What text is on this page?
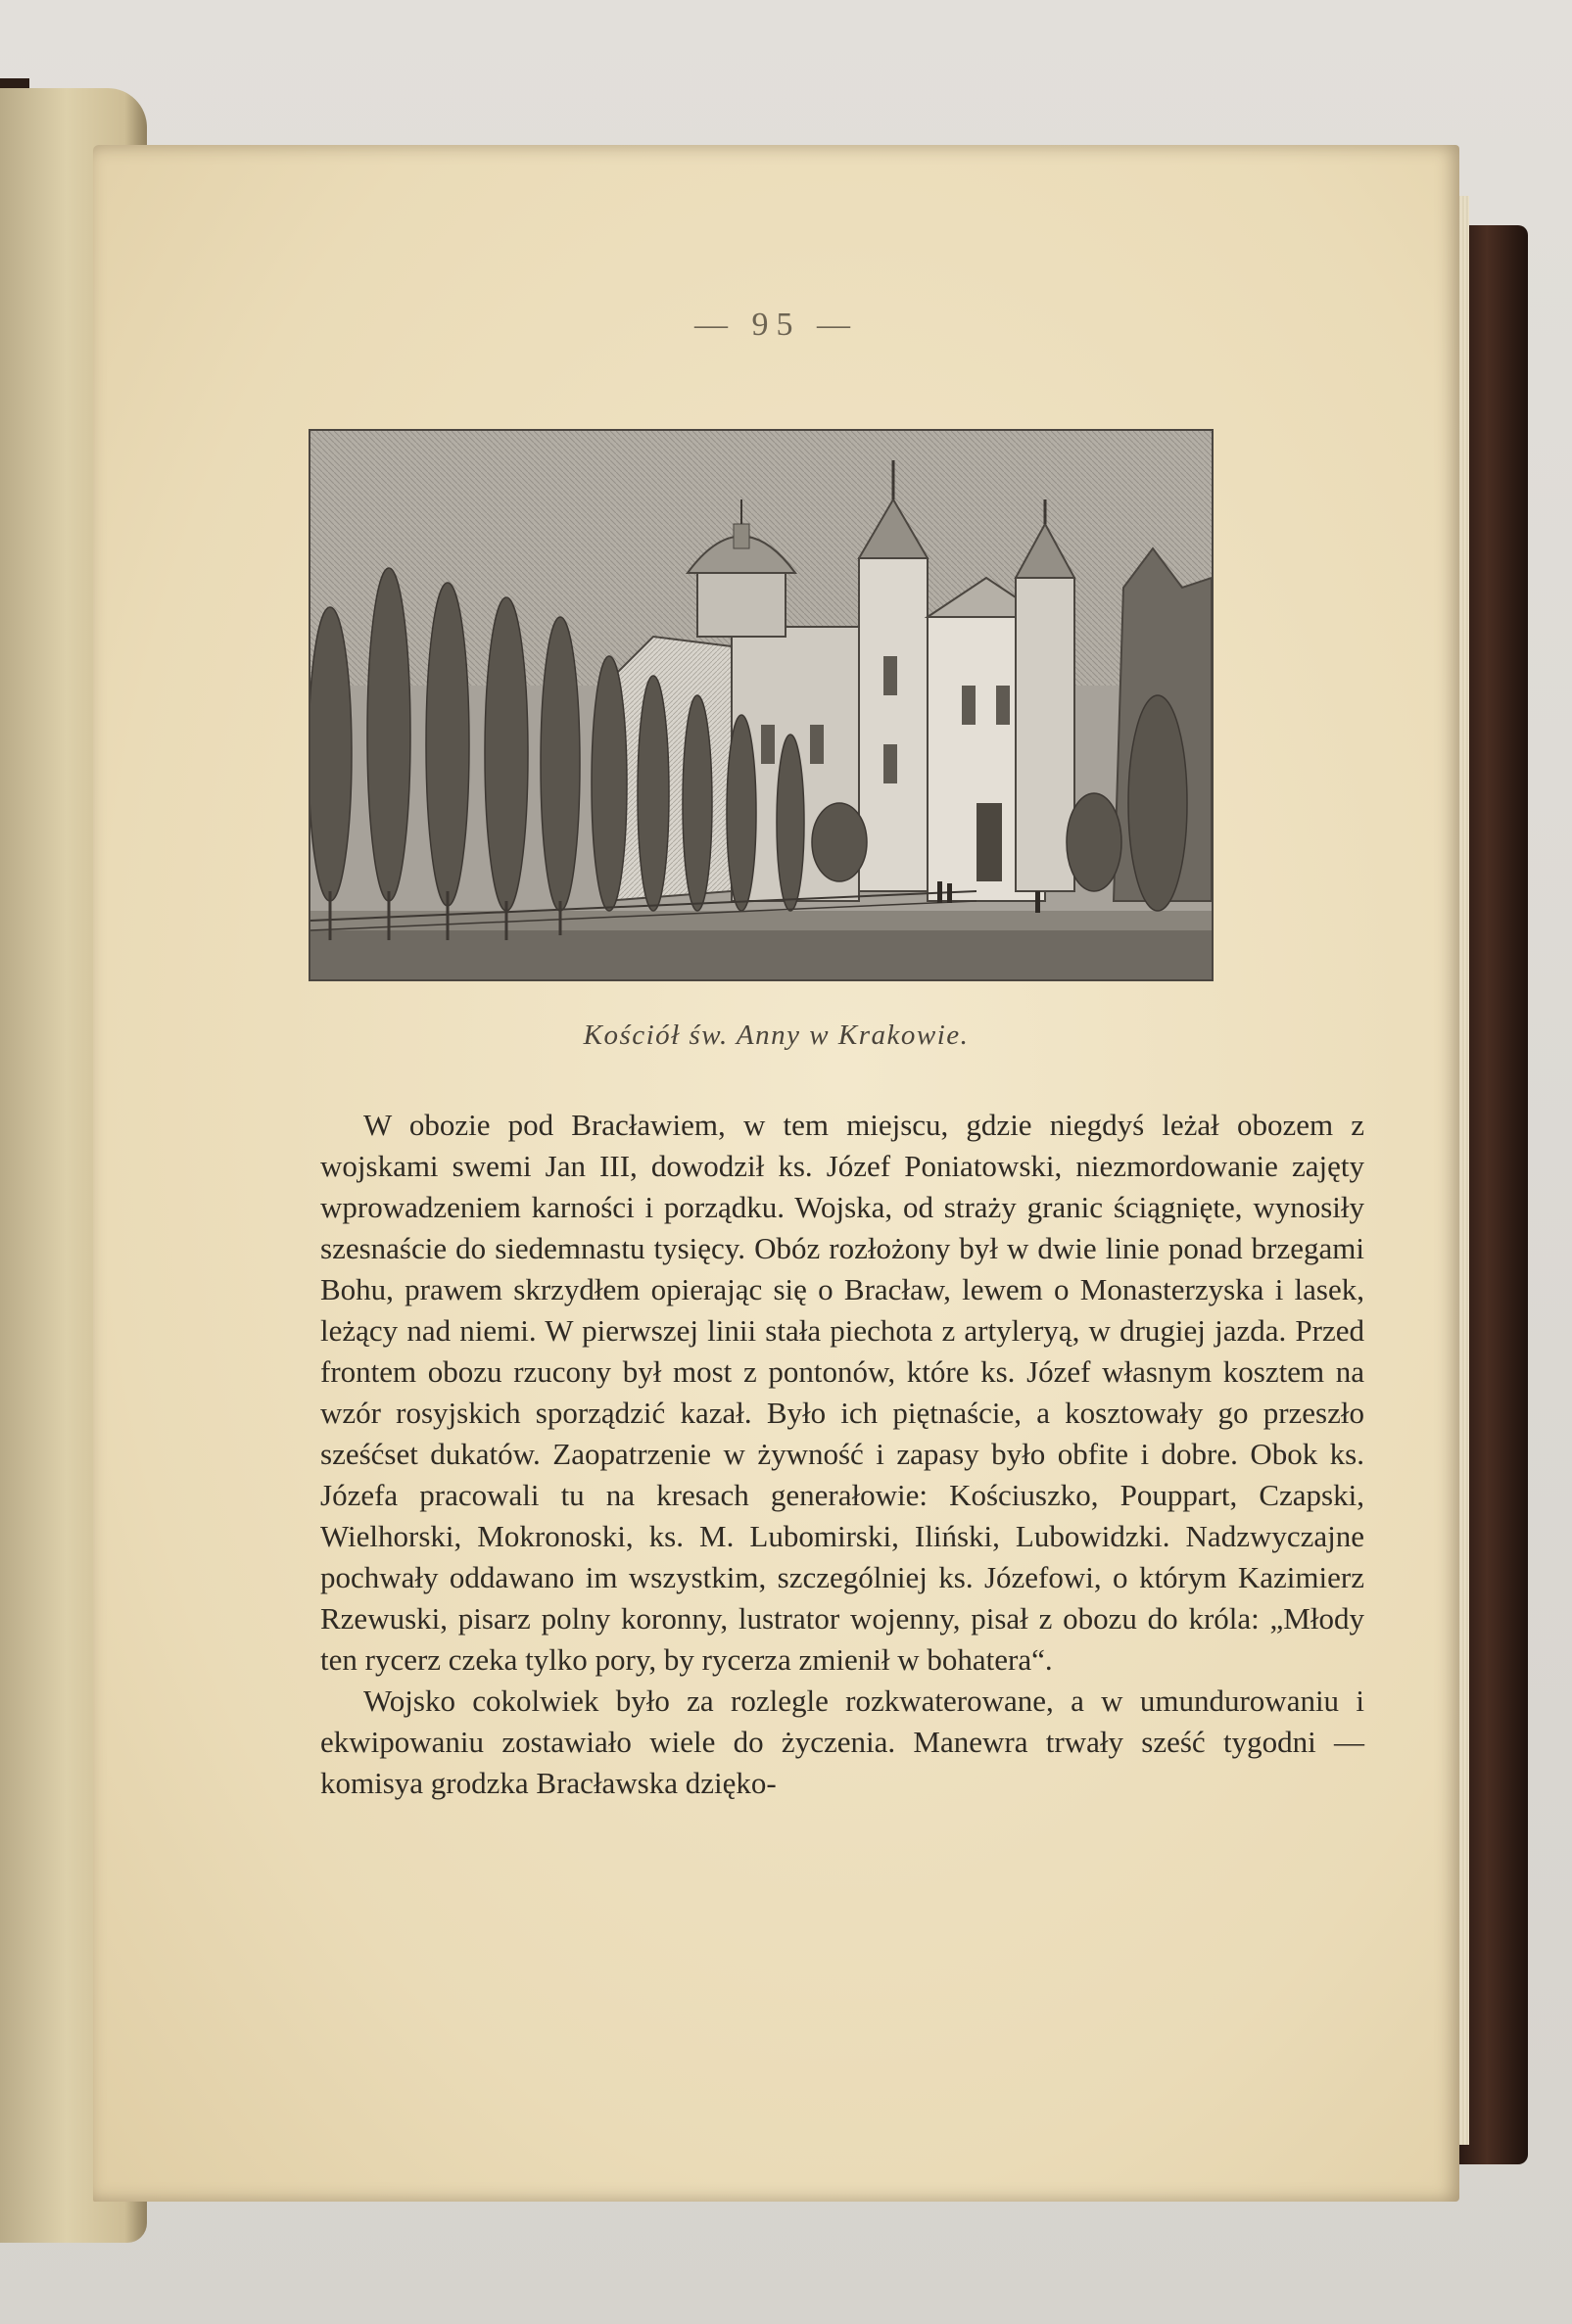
— 95 —
Kościół św. Anny w Krakowie.

W obozie pod Bracławiem, w tem miejscu, gdzie niegdyś leżał obozem z wojskami swemi Jan III, dowodził ks. Józef Poniatowski, niezmordowanie zajęty wprowadzeniem karności i porządku. Wojska, od straży granic ściągnięte, wynosiły szesnaście do siedemnastu tysięcy. Obóz rozłożony był w dwie linie ponad brzegami Bohu, prawem skrzydłem opierając się o Bracław, lewem o Monasterzyska i lasek, leżący nad niemi. W pierwszej linii stała piechota z artyleryą, w drugiej jazda. Przed frontem obozu rzucony był most z pontonów, które ks. Józef własnym kosztem na wzór rosyjskich sporządzić kazał. Było ich piętnaście, a kosztowały go przeszło sześćset dukatów. Zaopatrzenie w żywność i zapasy było obfite i dobre. Obok ks. Józefa pracowali tu na kresach generałowie: Kościuszko, Pouppart, Czapski, Wielhorski, Mokronoski, ks. M. Lubomirski, Iliński, Lubowidzki. Nadzwyczajne pochwały oddawano im wszystkim, szczególniej ks. Józefowi, o którym Kazimierz Rzewuski, pisarz polny koronny, lustrator wojenny, pisał z obozu do króla: „Młody ten rycerz czeka tylko pory, by rycerza zmienił w bohatera“.

Wojsko cokolwiek było za rozlegle rozkwaterowane, a w umundurowaniu i ekwipowaniu zostawiało wiele do życzenia. Manewra trwały sześć tygodni — komisya grodzka Bracławska dzięko-
